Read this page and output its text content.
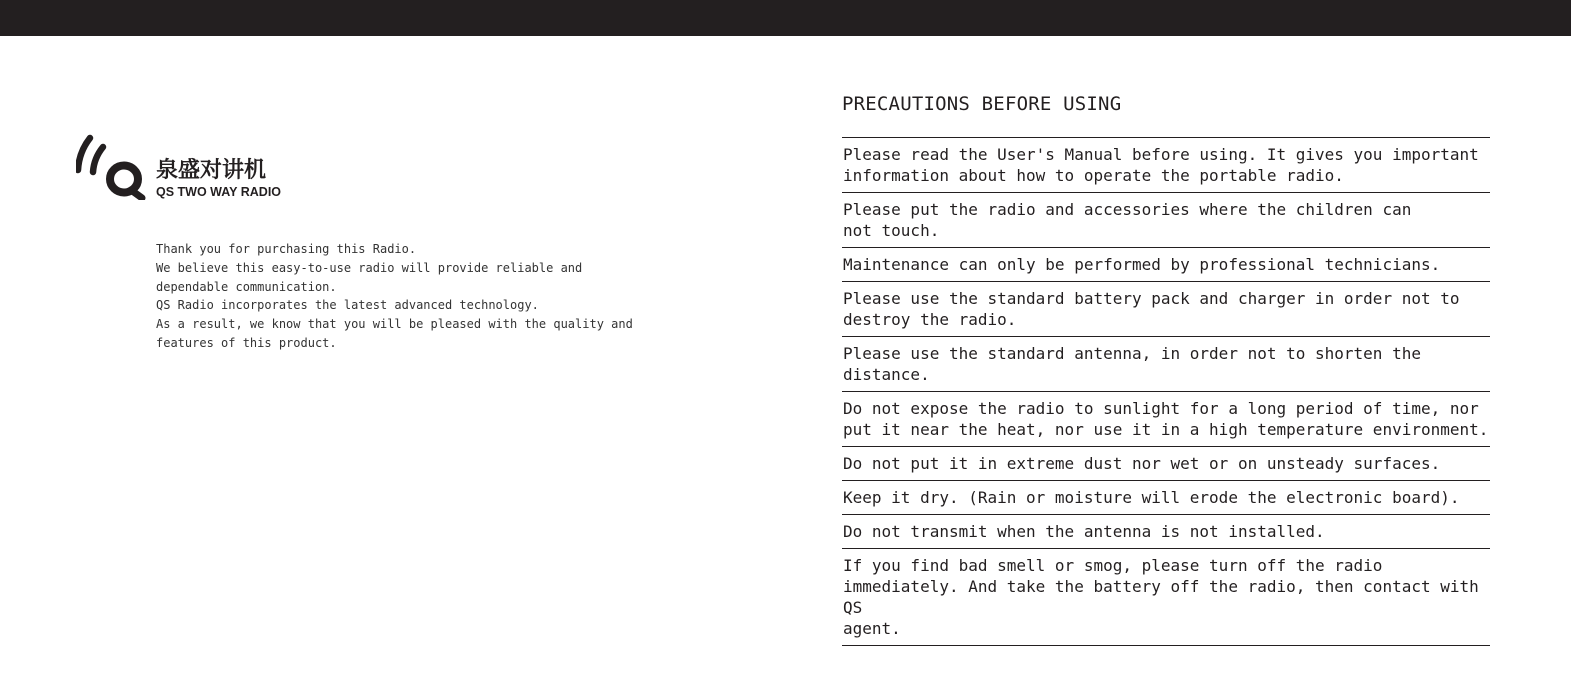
泉盛对讲机
QS TWO WAY RADIO
Thank you for purchasing this Radio.
We believe this easy-to-use radio will provide reliable and
dependable communication.
QS Radio incorporates the latest advanced technology.
As a result, we know that you will be pleased with the quality and
features of this product.
PRECAUTIONS BEFORE USING
Please read the User's Manual before using. It gives you important
information about how to operate the portable radio.
Please put the radio and accessories where the children can
not touch.
Maintenance can only be performed by professional technicians.
Please use the standard battery pack and charger in order not to
destroy the radio.
Please use the standard antenna, in order not to shorten the distance.
Do not expose the radio to sunlight for a long period of time, nor
put it near the heat, nor use it in a high temperature environment.
Do not put it in extreme dust nor wet or on unsteady surfaces.
Keep it dry. (Rain or moisture will erode the electronic board).
Do not transmit when the antenna is not installed.
If you find bad smell or smog, please turn off the radio
immediately. And take the battery off the radio, then contact with QS
agent.
